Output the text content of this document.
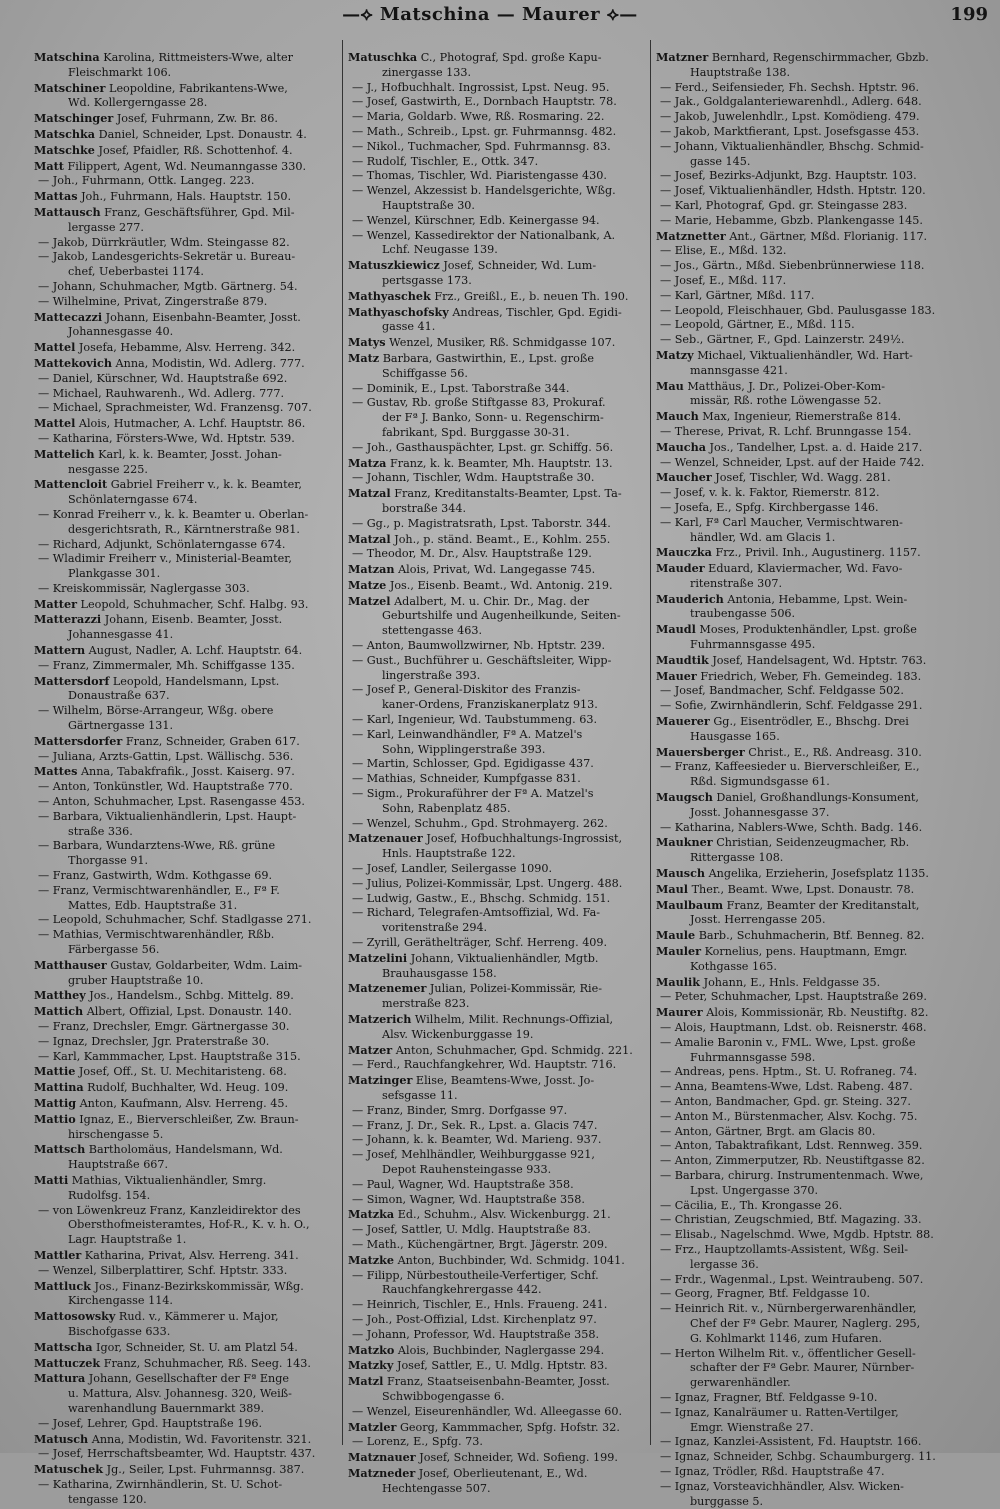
—⟡ Matschina — Maurer ⟡—	199
Matschina Karolina, Rittmeisters-Wwe, alter
Fleischmarkt 106.
Matschiner Leopoldine, Fabrikantens-Wwe,
Wd. Kollergerngasse 28.
Matschinger Josef, Fuhrmann, Zw. Br. 86.
Matschka Daniel, Schneider, Lpst. Donaustr. 4.
Matschke Josef, Pfaidler, Rß. Schottenhof. 4.
Matt Filippert, Agent, Wd. Neumanngasse 330.
— Joh., Fuhrmann, Ottk. Langeg. 223.
Mattas Joh., Fuhrmann, Hals. Hauptstr. 150.
Mattausch Franz, Geschäftsführer, Gpd. Mil-
lergasse 277.
— Jakob, Dürrkräutler, Wdm. Steingasse 82.
— Jakob, Landesgerichts-Sekretär u. Bureau-
chef, Ueberbastei 1174.
— Johann, Schuhmacher, Mgtb. Gärtnerg. 54.
— Wilhelmine, Privat, Zingerstraße 879.
Mattecazzi Johann, Eisenbahn-Beamter, Josst.
Johannesgasse 40.
Mattel Josefa, Hebamme, Alsv. Herreng. 342.
Mattekovich Anna, Modistin, Wd. Adlerg. 777.
— Daniel, Kürschner, Wd. Hauptstraße 692.
— Michael, Rauhwarenh., Wd. Adlerg. 777.
— Michael, Sprachmeister, Wd. Franzensg. 707.
Mattel Alois, Hutmacher, A. Lchf. Hauptstr. 86.
— Katharina, Försters-Wwe, Wd. Hptstr. 539.
Mattelich Karl, k. k. Beamter, Josst. Johan-
nesgasse 225.
Mattencloit Gabriel Freiherr v., k. k. Beamter,
Schönlaterngasse 674.
— Konrad Freiherr v., k. k. Beamter u. Oberlan-
desgerichtsrath, R., Kärntnerstraße 981.
— Richard, Adjunkt, Schönlaterngasse 674.
— Wladimir Freiherr v., Ministerial-Beamter,
Plankgasse 301.
— Kreiskommissär, Naglergasse 303.
Matter Leopold, Schuhmacher, Schf. Halbg. 93.
Matterazzi Johann, Eisenb. Beamter, Josst.
Johannesgasse 41.
Mattern August, Nadler, A. Lchf. Hauptstr. 64.
— Franz, Zimmermaler, Mh. Schiffgasse 135.
Mattersdorf Leopold, Handelsmann, Lpst.
Donaustraße 637.
— Wilhelm, Börse-Arrangeur, Wßg. obere
Gärtnergasse 131.
Mattersdorfer Franz, Schneider, Graben 617.
— Juliana, Arzts-Gattin, Lpst. Wällischg. 536.
Mattes Anna, Tabakfrafik., Josst. Kaiserg. 97.
— Anton, Tonkünstler, Wd. Hauptstraße 770.
— Anton, Schuhmacher, Lpst. Rasengasse 453.
— Barbara, Viktualienhändlerin, Lpst. Haupt-
straße 336.
— Barbara, Wundarztens-Wwe, Rß. grüne
Thorgasse 91.
— Franz, Gastwirth, Wdm. Kothgasse 69.
— Franz, Vermischtwarenhändler, E., Fª F.
Mattes, Edb. Hauptstraße 31.
— Leopold, Schuhmacher, Schf. Stadlgasse 271.
— Mathias, Vermischtwarenhändler, Rßb.
Färbergasse 56.
Matthauser Gustav, Goldarbeiter, Wdm. Laim-
gruber Hauptstraße 10.
Matthey Jos., Handelsm., Schbg. Mittelg. 89.
Mattich Albert, Offizial, Lpst. Donaustr. 140.
— Franz, Drechsler, Emgr. Gärtnergasse 30.
— Ignaz, Drechsler, Jgr. Praterstraße 30.
— Karl, Kammmacher, Lpst. Hauptstraße 315.
Mattie Josef, Off., St. U. Mechitaristeng. 68.
Mattina Rudolf, Buchhalter, Wd. Heug. 109.
Mattig Anton, Kaufmann, Alsv. Herreng. 45.
Mattio Ignaz, E., Bierverschleißer, Zw. Braun-
hirschengasse 5.
Mattsch Bartholomäus, Handelsmann, Wd.
Hauptstraße 667.
Matti Mathias, Viktualienhändler, Smrg.
Rudolfsg. 154.
— von Löwenkreuz Franz, Kanzleidirektor des
Obersthofmeisteramtes, Hof-R., K. v. h. O.,
Lagr. Hauptstraße 1.
Mattler Katharina, Privat, Alsv. Herreng. 341.
— Wenzel, Silberplattirer, Schf. Hptstr. 333.
Mattluck Jos., Finanz-Bezirkskommissär, Wßg.
Kirchengasse 114.
Mattosowsky Rud. v., Kämmerer u. Major,
Bischofgasse 633.
Mattscha Igor, Schneider, St. U. am Platzl 54.
Mattuczek Franz, Schuhmacher, Rß. Seeg. 143.
Mattura Johann, Gesellschafter der Fª Enge
u. Mattura, Alsv. Johannesg. 320, Weiß-
warenhandlung Bauernmarkt 389.
— Josef, Lehrer, Gpd. Hauptstraße 196.
Matusch Anna, Modistin, Wd. Favoritenstr. 321.
— Josef, Herrschaftsbeamter, Wd. Hauptstr. 437.
Matuschek Jg., Seiler, Lpst. Fuhrmannsg. 387.
— Katharina, Zwirnhändlerin, St. U. Schot-
tengasse 120.
Matuschka C., Photograf, Spd. große Kapu-
zinergasse 133.
— J., Hofbuchhalt. Ingrossist, Lpst. Neug. 95.
— Josef, Gastwirth, E., Dornbach Hauptstr. 78.
— Maria, Goldarb. Wwe, Rß. Rosmaring. 22.
— Math., Schreib., Lpst. gr. Fuhrmannsg. 482.
— Nikol., Tuchmacher, Spd. Fuhrmannsg. 83.
— Rudolf, Tischler, E., Ottk. 347.
— Thomas, Tischler, Wd. Piaristengasse 430.
— Wenzel, Akzessist b. Handelsgerichte, Wßg.
Hauptstraße 30.
— Wenzel, Kürschner, Edb. Keinergasse 94.
— Wenzel, Kassedirektor der Nationalbank, A.
Lchf. Neugasse 139.
Matuszkiewicz Josef, Schneider, Wd. Lum-
pertsgasse 173.
Mathyaschek Frz., Greißl., E., b. neuen Th. 190.
Mathyaschofsky Andreas, Tischler, Gpd. Egidi-
gasse 41.
Matys Wenzel, Musiker, Rß. Schmidgasse 107.
Matz Barbara, Gastwirthin, E., Lpst. große
Schiffgasse 56.
— Dominik, E., Lpst. Taborstraße 344.
— Gustav, Rb. große Stiftgasse 83, Prokuraf.
der Fª J. Banko, Sonn- u. Regenschirm-
fabrikant, Spd. Burggasse 30-31.
— Joh., Gasthauspächter, Lpst. gr. Schiffg. 56.
Matza Franz, k. k. Beamter, Mh. Hauptstr. 13.
— Johann, Tischler, Wdm. Hauptstraße 30.
Matzal Franz, Kreditanstalts-Beamter, Lpst. Ta-
borstraße 344.
— Gg., p. Magistratsrath, Lpst. Taborstr. 344.
Matzal Joh., p. ständ. Beamt., E., Kohlm. 255.
— Theodor, M. Dr., Alsv. Hauptstraße 129.
Matzan Alois, Privat, Wd. Langegasse 745.
Matze Jos., Eisenb. Beamt., Wd. Antonig. 219.
Matzel Adalbert, M. u. Chir. Dr., Mag. der
Geburtshilfe und Augenheilkunde, Seiten-
stettengasse 463.
— Anton, Baumwollzwirner, Nb. Hptstr. 239.
— Gust., Buchführer u. Geschäftsleiter, Wipp-
lingerstraße 393.
— Josef P., General-Diskitor des Franzis-
kaner-Ordens, Franziskanerplatz 913.
— Karl, Ingenieur, Wd. Taubstummeng. 63.
— Karl, Leinwandhändler, Fª A. Matzel's
Sohn, Wipplingerstraße 393.
— Martin, Schlosser, Gpd. Egidigasse 437.
— Mathias, Schneider, Kumpfgasse 831.
— Sigm., Prokuraführer der Fª A. Matzel's
Sohn, Rabenplatz 485.
— Wenzel, Schuhm., Gpd. Strohmayerg. 262.
Matzenauer Josef, Hofbuchhaltungs-Ingrossist,
Hnls. Hauptstraße 122.
— Josef, Landler, Seilergasse 1090.
— Julius, Polizei-Kommissär, Lpst. Ungerg. 488.
— Ludwig, Gastw., E., Bhschg. Schmidg. 151.
— Richard, Telegrafen-Amtsoffizial, Wd. Fa-
voritenstraße 294.
— Zyrill, Geräthelträger, Schf. Herreng. 409.
Matzelini Johann, Viktualienhändler, Mgtb.
Brauhausgasse 158.
Matzenemer Julian, Polizei-Kommissär, Rie-
merstraße 823.
Matzerich Wilhelm, Milit. Rechnungs-Offizial,
Alsv. Wickenburggasse 19.
Matzer Anton, Schuhmacher, Gpd. Schmidg. 221.
— Ferd., Rauchfangkehrer, Wd. Hauptstr. 716.
Matzinger Elise, Beamtens-Wwe, Josst. Jo-
sefsgasse 11.
— Franz, Binder, Smrg. Dorfgasse 97.
— Franz, J. Dr., Sek. R., Lpst. a. Glacis 747.
— Johann, k. k. Beamter, Wd. Marieng. 937.
— Josef, Mehlhändler, Weihburggasse 921,
Depot Rauhensteingasse 933.
— Paul, Wagner, Wd. Hauptstraße 358.
— Simon, Wagner, Wd. Hauptstraße 358.
Matzka Ed., Schuhm., Alsv. Wickenburgg. 21.
— Josef, Sattler, U. Mdlg. Hauptstraße 83.
— Math., Küchengärtner, Brgt. Jägerstr. 209.
Matzke Anton, Buchbinder, Wd. Schmidg. 1041.
— Filipp, Nürbestoutheile-Verfertiger, Schf.
Rauchfangkehrergasse 442.
— Heinrich, Tischler, E., Hnls. Fraueng. 241.
— Joh., Post-Offizial, Ldst. Kirchenplatz 97.
— Johann, Professor, Wd. Hauptstraße 358.
Matzko Alois, Buchbinder, Naglergasse 294.
Matzky Josef, Sattler, E., U. Mdlg. Hptstr. 83.
Matzl Franz, Staatseisenbahn-Beamter, Josst.
Schwibbogengasse 6.
— Wenzel, Eiseurenhändler, Wd. Alleegasse 60.
Matzler Georg, Kammmacher, Spfg. Hofstr. 32.
— Lorenz, E., Spfg. 73.
Matznauer Josef, Schneider, Wd. Sofieng. 199.
Matzneder Josef, Oberlieutenant, E., Wd.
Hechtengasse 507.
Matzner Bernhard, Regenschirmmacher, Gbzb.
Hauptstraße 138.
— Ferd., Seifensieder, Fh. Sechsh. Hptstr. 96.
— Jak., Goldgalanteriewarenhdl., Adlerg. 648.
— Jakob, Juwelenhdlr., Lpst. Komödieng. 479.
— Jakob, Marktfierant, Lpst. Josefsgasse 453.
— Johann, Viktualienhändler, Bhschg. Schmid-
gasse 145.
— Josef, Bezirks-Adjunkt, Bzg. Hauptstr. 103.
— Josef, Viktualienhändler, Hdsth. Hptstr. 120.
— Karl, Photograf, Gpd. gr. Steingasse 283.
— Marie, Hebamme, Gbzb. Plankengasse 145.
Matznetter Ant., Gärtner, Mßd. Florianig. 117.
— Elise, E., Mßd. 132.
— Jos., Gärtn., Mßd. Siebenbrünnerwiese 118.
— Josef, E., Mßd. 117.
— Karl, Gärtner, Mßd. 117.
— Leopold, Fleischhauer, Gbd. Paulusgasse 183.
— Leopold, Gärtner, E., Mßd. 115.
— Seb., Gärtner, F., Gpd. Lainzerstr. 249½.
Matzy Michael, Viktualienhändler, Wd. Hart-
mannsgasse 421.
Mau Matthäus, J. Dr., Polizei-Ober-Kom-
missär, Rß. rothe Löwengasse 52.
Mauch Max, Ingenieur, Riemerstraße 814.
— Therese, Privat, R. Lchf. Brunngasse 154.
Maucha Jos., Tandelher, Lpst. a. d. Haide 217.
— Wenzel, Schneider, Lpst. auf der Haide 742.
Maucher Josef, Tischler, Wd. Wagg. 281.
— Josef, v. k. k. Faktor, Riemerstr. 812.
— Josefa, E., Spfg. Kirchbergasse 146.
— Karl, Fª Carl Maucher, Vermischtwaren-
händler, Wd. am Glacis 1.
Mauczka Frz., Privil. Inh., Augustinerg. 1157.
Mauder Eduard, Klaviermacher, Wd. Favo-
ritenstraße 307.
Mauderich Antonia, Hebamme, Lpst. Wein-
traubengasse 506.
Maudl Moses, Produktenhändler, Lpst. große
Fuhrmannsgasse 495.
Maudtik Josef, Handelsagent, Wd. Hptstr. 763.
Mauer Friedrich, Weber, Fh. Gemeindeg. 183.
— Josef, Bandmacher, Schf. Feldgasse 502.
— Sofie, Zwirnhändlerin, Schf. Feldgasse 291.
Mauerer Gg., Eisentrödler, E., Bhschg. Drei
Hausgasse 165.
Mauersberger Christ., E., Rß. Andreasg. 310.
— Franz, Kaffeesieder u. Bierverschleißer, E.,
Rßd. Sigmundsgasse 61.
Maugsch Daniel, Großhandlungs-Konsument,
Josst. Johannesgasse 37.
— Katharina, Nablers-Wwe, Schth. Badg. 146.
Maukner Christian, Seidenzeugmacher, Rb.
Rittergasse 108.
Mausch Angelika, Erzieherin, Josefsplatz 1135.
Maul Ther., Beamt. Wwe, Lpst. Donaustr. 78.
Maulbaum Franz, Beamter der Kreditanstalt,
Josst. Herrengasse 205.
Maule Barb., Schuhmacherin, Btf. Benneg. 82.
Mauler Kornelius, pens. Hauptmann, Emgr.
Kothgasse 165.
Maulik Johann, E., Hnls. Feldgasse 35.
— Peter, Schuhmacher, Lpst. Hauptstraße 269.
Maurer Alois, Kommissionär, Rb. Neustiftg. 82.
— Alois, Hauptmann, Ldst. ob. Reisnerstr. 468.
— Amalie Baronin v., FML. Wwe, Lpst. große
Fuhrmannsgasse 598.
— Andreas, pens. Hptm., St. U. Rofraneg. 74.
— Anna, Beamtens-Wwe, Ldst. Rabeng. 487.
— Anton, Bandmacher, Gpd. gr. Steing. 327.
— Anton M., Bürstenmacher, Alsv. Kochg. 75.
— Anton, Gärtner, Brgt. am Glacis 80.
— Anton, Tabaktrafikant, Ldst. Rennweg. 359.
— Anton, Zimmerputzer, Rb. Neustiftgasse 82.
— Barbara, chirurg. Instrumentenmach. Wwe,
Lpst. Ungergasse 370.
— Cäcilia, E., Th. Krongasse 26.
— Christian, Zeugschmied, Btf. Magazing. 33.
— Elisab., Nagelschmd. Wwe, Mgdb. Hptstr. 88.
— Frz., Hauptzollamts-Assistent, Wßg. Seil-
lergasse 36.
— Frdr., Wagenmal., Lpst. Weintraubeng. 507.
— Georg, Fragner, Btf. Feldgasse 10.
— Heinrich Rit. v., Nürnbergerwarenhändler,
Chef der Fª Gebr. Maurer, Naglerg. 295,
G. Kohlmarkt 1146, zum Hufaren.
— Herton Wilhelm Rit. v., öffentlicher Gesell-
schafter der Fª Gebr. Maurer, Nürnber-
gerwarenhändler.
— Ignaz, Fragner, Btf. Feldgasse 9-10.
— Ignaz, Kanalräumer u. Ratten-Vertilger,
Emgr. Wienstraße 27.
— Ignaz, Kanzlei-Assistent, Fd. Hauptstr. 166.
— Ignaz, Schneider, Schbg. Schaumburgerg. 11.
— Ignaz, Trödler, Rßd. Hauptstraße 47.
— Ignaz, Vorsteavichhändler, Alsv. Wicken-
burggasse 5.
